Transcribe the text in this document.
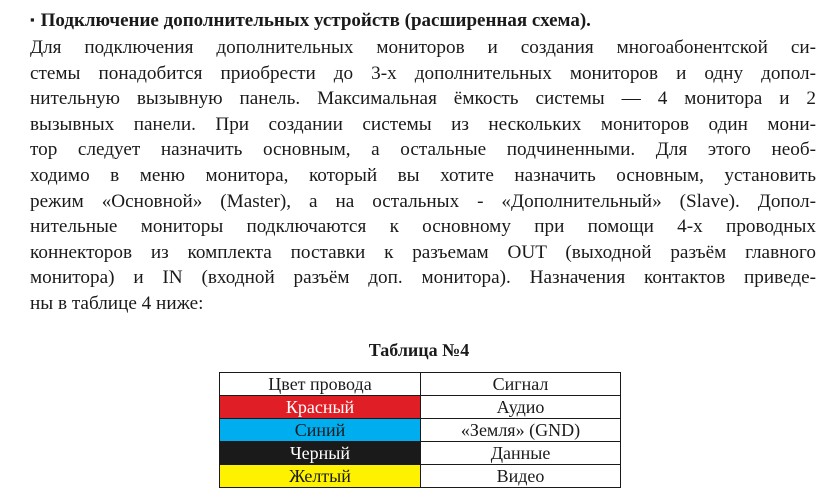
▪ Подключение дополнительных устройств (расширенная схема).

Для подключения дополнительных мониторов и создания многоабонентской си-
стемы понадобится приобрести до 3-х дополнительных мониторов и одну допол-
нительную вызывную панель. Максимальная ёмкость системы — 4 монитора и 2
вызывных панели. При создании системы из нескольких мониторов один мони-
тор следует назначить основным, а остальные подчиненными. Для этого необ-
ходимо в меню монитора, который вы хотите назначить основным, установить
режим «Основной» (Master), а на остальных - «Дополнительный» (Slave). Допол-
нительные мониторы подключаются к основному при помощи 4-х проводных
коннекторов из комплекта поставки к разъемам OUT (выходной разъём главного
монитора) и IN (входной разъём доп. монитора). Назначения контактов приведе-
ны в таблице 4 ниже:

Таблица №4

Цвет провода	Сигнал
Красный	Аудио
Синий	«Земля» (GND)
Черный	Данные
Желтый	Видео
